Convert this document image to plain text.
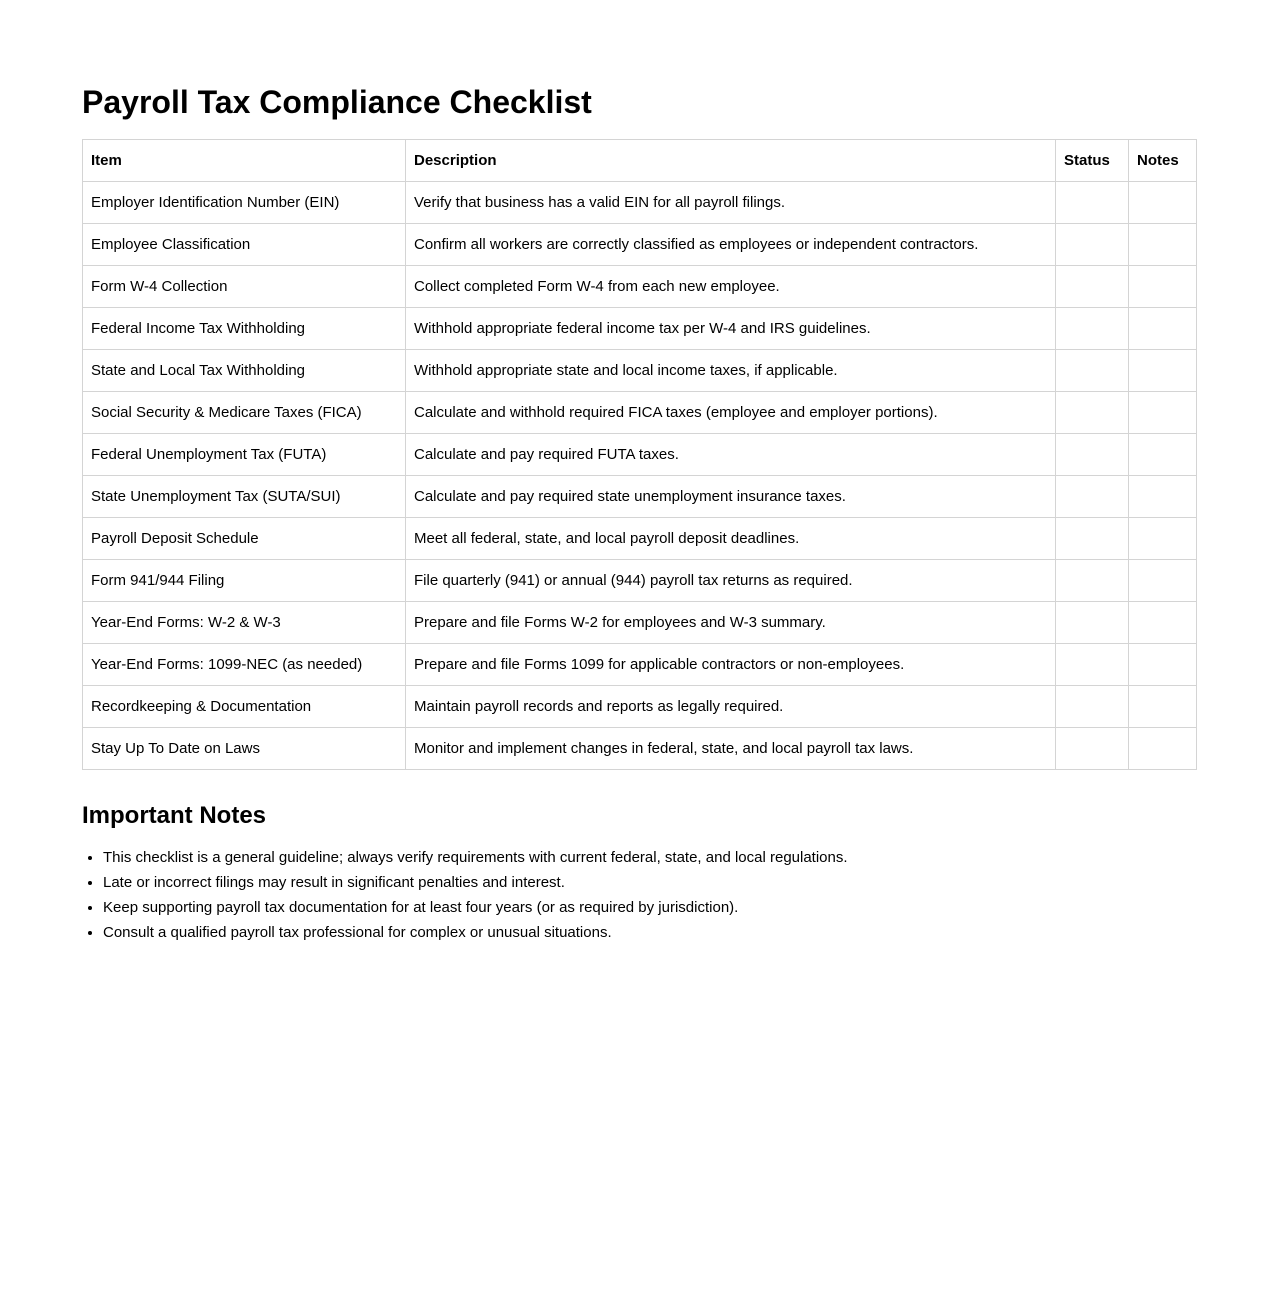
Payroll Tax Compliance Checklist
Item	Description	Status	Notes
Employer Identification Number (EIN)	Verify that business has a valid EIN for all payroll filings.		
Employee Classification	Confirm all workers are correctly classified as employees or independent contractors.		
Form W-4 Collection	Collect completed Form W-4 from each new employee.		
Federal Income Tax Withholding	Withhold appropriate federal income tax per W-4 and IRS guidelines.		
State and Local Tax Withholding	Withhold appropriate state and local income taxes, if applicable.		
Social Security & Medicare Taxes (FICA)	Calculate and withhold required FICA taxes (employee and employer portions).		
Federal Unemployment Tax (FUTA)	Calculate and pay required FUTA taxes.		
State Unemployment Tax (SUTA/SUI)	Calculate and pay required state unemployment insurance taxes.		
Payroll Deposit Schedule	Meet all federal, state, and local payroll deposit deadlines.		
Form 941/944 Filing	File quarterly (941) or annual (944) payroll tax returns as required.		
Year-End Forms: W-2 & W-3	Prepare and file Forms W-2 for employees and W-3 summary.		
Year-End Forms: 1099-NEC (as needed)	Prepare and file Forms 1099 for applicable contractors or non-employees.		
Recordkeeping & Documentation	Maintain payroll records and reports as legally required.		
Stay Up To Date on Laws	Monitor and implement changes in federal, state, and local payroll tax laws.		
Important Notes
• This checklist is a general guideline; always verify requirements with current federal, state, and local regulations.
• Late or incorrect filings may result in significant penalties and interest.
• Keep supporting payroll tax documentation for at least four years (or as required by jurisdiction).
• Consult a qualified payroll tax professional for complex or unusual situations.
